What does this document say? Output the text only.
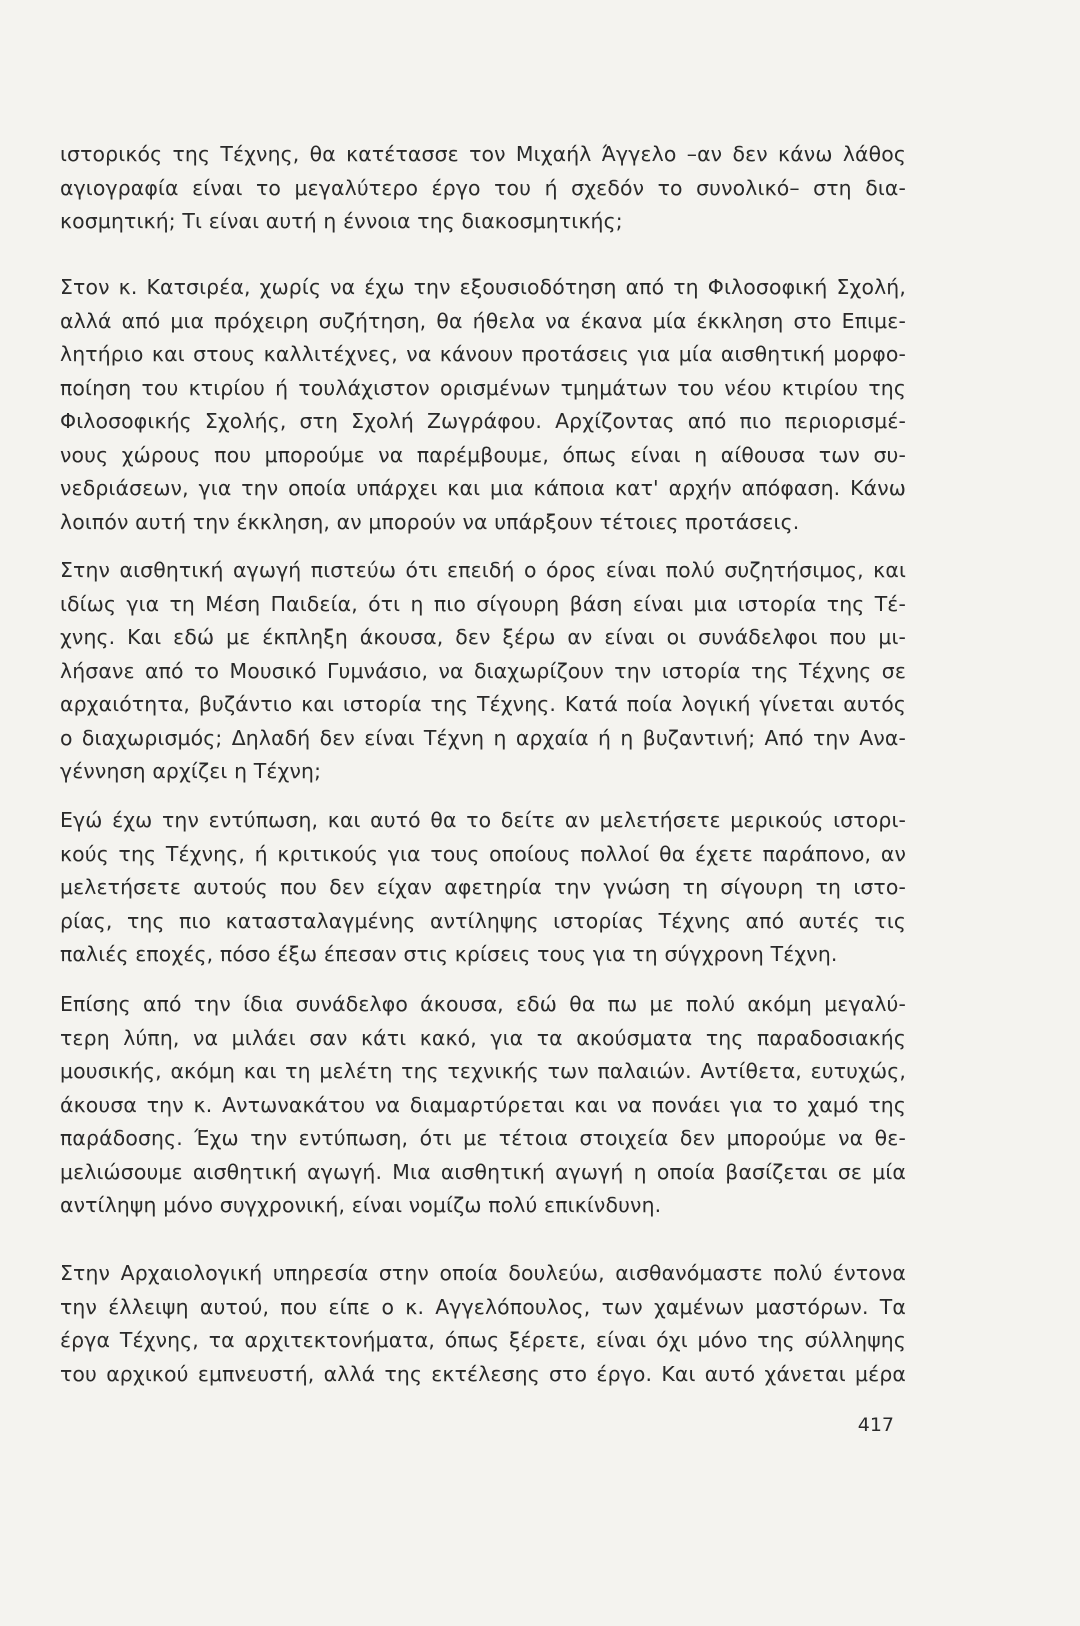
ιστορικός της Τέχνης, θα κατέτασσε τον Μιχαήλ Άγγελο –αν δεν κάνω λάθος
αγιογραφία είναι το μεγαλύτερο έργο του ή σχεδόν το συνολικό– στη δια-
κοσμητική; Τι είναι αυτή η έννοια της διακοσμητικής;
Στον κ. Κατσιρέα, χωρίς να έχω την εξουσιοδότηση από τη Φιλοσοφική Σχολή,
αλλά από μια πρόχειρη συζήτηση, θα ήθελα να έκανα μία έκκληση στο Επιμε-
λητήριο και στους καλλιτέχνες, να κάνουν προτάσεις για μία αισθητική μορφο-
ποίηση του κτιρίου ή τουλάχιστον ορισμένων τμημάτων του νέου κτιρίου της
Φιλοσοφικής Σχολής, στη Σχολή Ζωγράφου. Αρχίζοντας από πιο περιορισμέ-
νους χώρους που μπορούμε να παρέμβουμε, όπως είναι η αίθουσα των συ-
νεδριάσεων, για την οποία υπάρχει και μια κάποια κατ' αρχήν απόφαση. Κάνω
λοιπόν αυτή την έκκληση, αν μπορούν να υπάρξουν τέτοιες προτάσεις.
Στην αισθητική αγωγή πιστεύω ότι επειδή ο όρος είναι πολύ συζητήσιμος, και
ιδίως για τη Μέση Παιδεία, ότι η πιο σίγουρη βάση είναι μια ιστορία της Τέ-
χνης. Και εδώ με έκπληξη άκουσα, δεν ξέρω αν είναι οι συνάδελφοι που μι-
λήσανε από το Μουσικό Γυμνάσιο, να διαχωρίζουν την ιστορία της Τέχνης σε
αρχαιότητα, βυζάντιο και ιστορία της Τέχνης. Κατά ποία λογική γίνεται αυτός
ο διαχωρισμός; Δηλαδή δεν είναι Τέχνη η αρχαία ή η βυζαντινή; Από την Ανα-
γέννηση αρχίζει η Τέχνη;
Εγώ έχω την εντύπωση, και αυτό θα το δείτε αν μελετήσετε μερικούς ιστορι-
κούς της Τέχνης, ή κριτικούς για τους οποίους πολλοί θα έχετε παράπονο, αν
μελετήσετε αυτούς που δεν είχαν αφετηρία την γνώση τη σίγουρη τη ιστο-
ρίας, της πιο κατασταλαγμένης αντίληψης ιστορίας Τέχνης από αυτές τις
παλιές εποχές, πόσο έξω έπεσαν στις κρίσεις τους για τη σύγχρονη Τέχνη.
Επίσης από την ίδια συνάδελφο άκουσα, εδώ θα πω με πολύ ακόμη μεγαλύ-
τερη λύπη, να μιλάει σαν κάτι κακό, για τα ακούσματα της παραδοσιακής
μουσικής, ακόμη και τη μελέτη της τεχνικής των παλαιών. Αντίθετα, ευτυχώς,
άκουσα την κ. Αντωνακάτου να διαμαρτύρεται και να πονάει για το χαμό της
παράδοσης. Έχω την εντύπωση, ότι με τέτοια στοιχεία δεν μπορούμε να θε-
μελιώσουμε αισθητική αγωγή. Μια αισθητική αγωγή η οποία βασίζεται σε μία
αντίληψη μόνο συγχρονική, είναι νομίζω πολύ επικίνδυνη.
Στην Αρχαιολογική υπηρεσία στην οποία δουλεύω, αισθανόμαστε πολύ έντονα
την έλλειψη αυτού, που είπε ο κ. Αγγελόπουλος, των χαμένων μαστόρων. Τα
έργα Τέχνης, τα αρχιτεκτονήματα, όπως ξέρετε, είναι όχι μόνο της σύλληψης
του αρχικού εμπνευστή, αλλά της εκτέλεσης στο έργο. Και αυτό χάνεται μέρα
417
